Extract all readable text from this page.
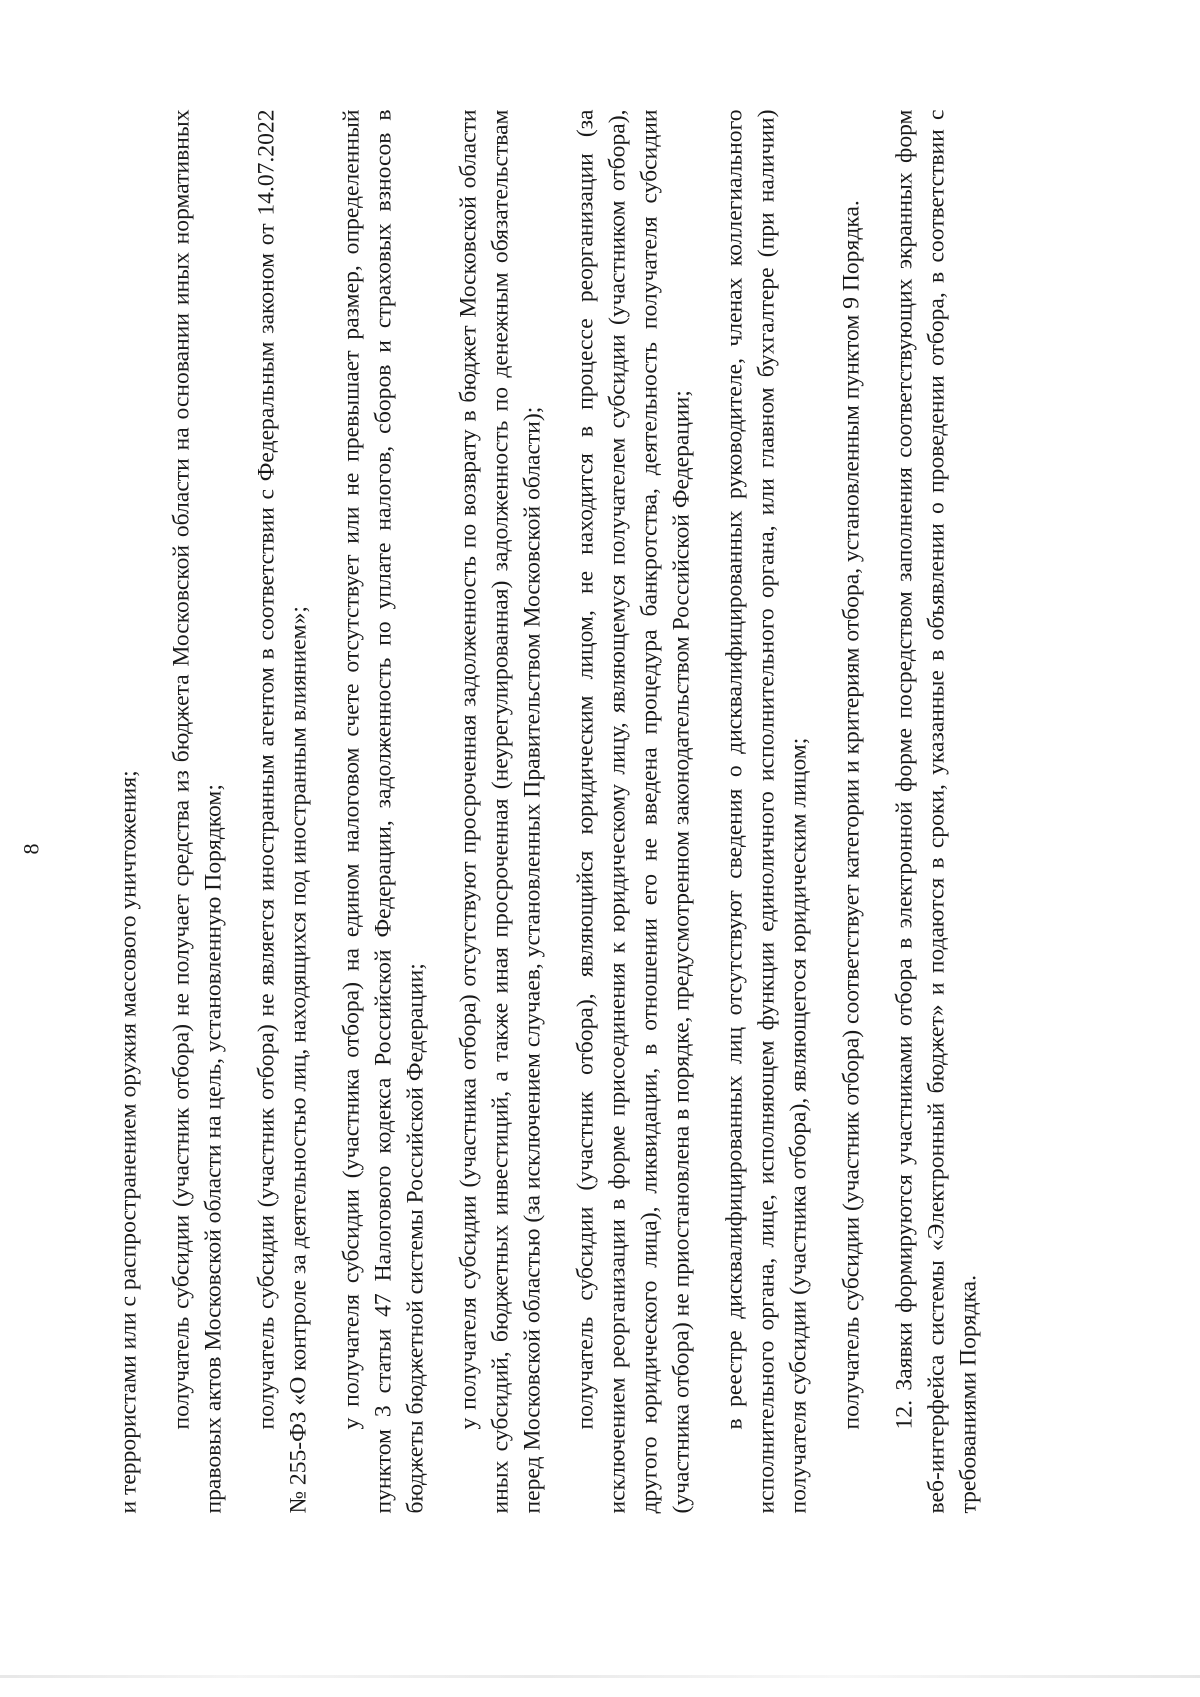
8	и террористами или с распространением оружия массового уничтожения; получатель субсидии (участник отбора) не получает средства из бюджета Московской области на основании иных нормативных правовых актов Московской области на цель, установленную Порядком; получатель субсидии (участник отбора) не является иностранным агентом в соответствии с Федеральным законом от 14.07.2022 № 255-ФЗ «О контроле за деятельностью лиц, находящихся под иностранным влиянием»; у получателя субсидии (участника отбора) на едином налоговом счете отсутствует или не превышает размер, определенный пунктом 3 статьи 47 Налогового кодекса Российской Федерации, задолженность по уплате налогов, сборов и страховых взносов в бюджеты бюджетной системы Российской Федерации; у получателя субсидии (участника отбора) отсутствуют просроченная задолженность по возврату в бюджет Московской области иных субсидий, бюджетных инвестиций, а также иная просроченная (неурегулированная) задолженность по денежным обязательствам перед Московской областью (за исключением случаев, установленных Правительством Московской области); получатель субсидии (участник отбора), являющийся юридическим лицом, не находится в процессе реорганизации (за исключением реорганизации в форме присоединения к юридическому лицу, являющемуся получателем субсидии (участником отбора), другого юридического лица), ликвидации, в отношении его не введена процедура банкротства, деятельность получателя субсидии (участника отбора) не приостановлена в порядке, предусмотренном законодательством Российской Федерации; в реестре дисквалифицированных лиц отсутствуют сведения о дисквалифицированных руководителе, членах коллегиального исполнительного органа, лице, исполняющем функции единоличного исполнительного органа, или главном бухгалтере (при наличии) получателя субсидии (участника отбора), являющегося юридическим лицом; получатель субсидии (участник отбора) соответствует категории и критериям отбора, установленным пунктом 9 Порядка. 12. Заявки формируются участниками отбора в электронной форме посредством заполнения соответствующих экранных форм веб-интерфейса системы «Электронный бюджет» и подаются в сроки, указанные в объявлении о проведении отбора, в соответствии с требованиями Порядка.
